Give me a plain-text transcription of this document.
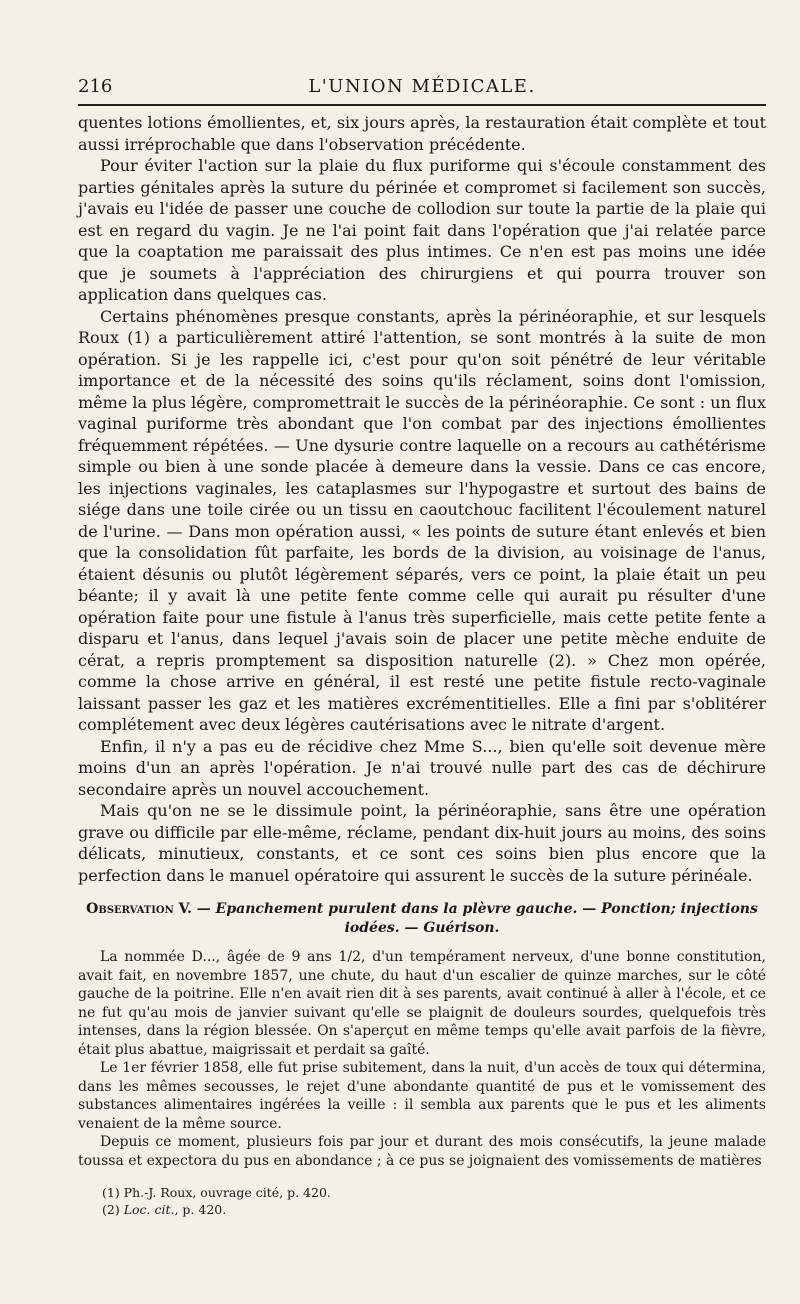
216	L'UNION MÉDICALE.

quentes lotions émollientes, et, six jours après, la restauration était complète et tout aussi irréprochable que dans l'observation précédente.

Pour éviter l'action sur la plaie du flux puriforme qui s'écoule constamment des parties génitales après la suture du périnée et compromet si facilement son succès, j'avais eu l'idée de passer une couche de collodion sur toute la partie de la plaie qui est en regard du vagin. Je ne l'ai point fait dans l'opération que j'ai relatée parce que la coaptation me paraissait des plus intimes. Ce n'en est pas moins une idée que je soumets à l'appréciation des chirurgiens et qui pourra trouver son application dans quelques cas.

Certains phénomènes presque constants, après la périnéoraphie, et sur lesquels Roux (1) a particulièrement attiré l'attention, se sont montrés à la suite de mon opération. Si je les rappelle ici, c'est pour qu'on soit pénétré de leur véritable importance et de la nécessité des soins qu'ils réclament, soins dont l'omission, même la plus légère, compromettrait le succès de la périnéoraphie. Ce sont : un flux vaginal puriforme très abondant que l'on combat par des injections émollientes fréquemment répétées. — Une dysurie contre laquelle on a recours au cathétérisme simple ou bien à une sonde placée à demeure dans la vessie. Dans ce cas encore, les injections vaginales, les cataplasmes sur l'hypogastre et surtout des bains de siége dans une toile cirée ou un tissu en caoutchouc facilitent l'écoulement naturel de l'urine. — Dans mon opération aussi, « les points de suture étant enlevés et bien que la consolidation fût parfaite, les bords de la division, au voisinage de l'anus, étaient désunis ou plutôt légèrement séparés, vers ce point, la plaie était un peu béante; il y avait là une petite fente comme celle qui aurait pu résulter d'une opération faite pour une fistule à l'anus très superficielle, mais cette petite fente a disparu et l'anus, dans lequel j'avais soin de placer une petite mèche enduite de cérat, a repris promptement sa disposition naturelle (2). » Chez mon opérée, comme la chose arrive en général, il est resté une petite fistule recto-vaginale laissant passer les gaz et les matières excrémentitielles. Elle a fini par s'oblitérer complétement avec deux légères cautérisations avec le nitrate d'argent.

Enfin, il n'y a pas eu de récidive chez Mme S..., bien qu'elle soit devenue mère moins d'un an après l'opération. Je n'ai trouvé nulle part des cas de déchirure secondaire après un nouvel accouchement.

Mais qu'on ne se le dissimule point, la périnéoraphie, sans être une opération grave ou difficile par elle-même, réclame, pendant dix-huit jours au moins, des soins délicats, minutieux, constants, et ce sont ces soins bien plus encore que la perfection dans le manuel opératoire qui assurent le succès de la suture périnéale.

Observation V. — Epanchement purulent dans la plèvre gauche. — Ponction; injections iodées. — Guérison.

La nommée D..., âgée de 9 ans 1/2, d'un tempérament nerveux, d'une bonne constitution, avait fait, en novembre 1857, une chute, du haut d'un escalier de quinze marches, sur le côté gauche de la poitrine. Elle n'en avait rien dit à ses parents, avait continué à aller à l'école, et ce ne fut qu'au mois de janvier suivant qu'elle se plaignit de douleurs sourdes, quelquefois très intenses, dans la région blessée. On s'aperçut en même temps qu'elle avait parfois de la fièvre, était plus abattue, maigrissait et perdait sa gaîté.

Le 1er février 1858, elle fut prise subitement, dans la nuit, d'un accès de toux qui détermina, dans les mêmes secousses, le rejet d'une abondante quantité de pus et le vomissement des substances alimentaires ingérées la veille : il sembla aux parents que le pus et les aliments venaient de la même source.

Depuis ce moment, plusieurs fois par jour et durant des mois consécutifs, la jeune malade toussa et expectora du pus en abondance ; à ce pus se joignaient des vomissements de matières

(1) Ph.-J. Roux, ouvrage cité, p. 420.
(2) Loc. cit., p. 420.
